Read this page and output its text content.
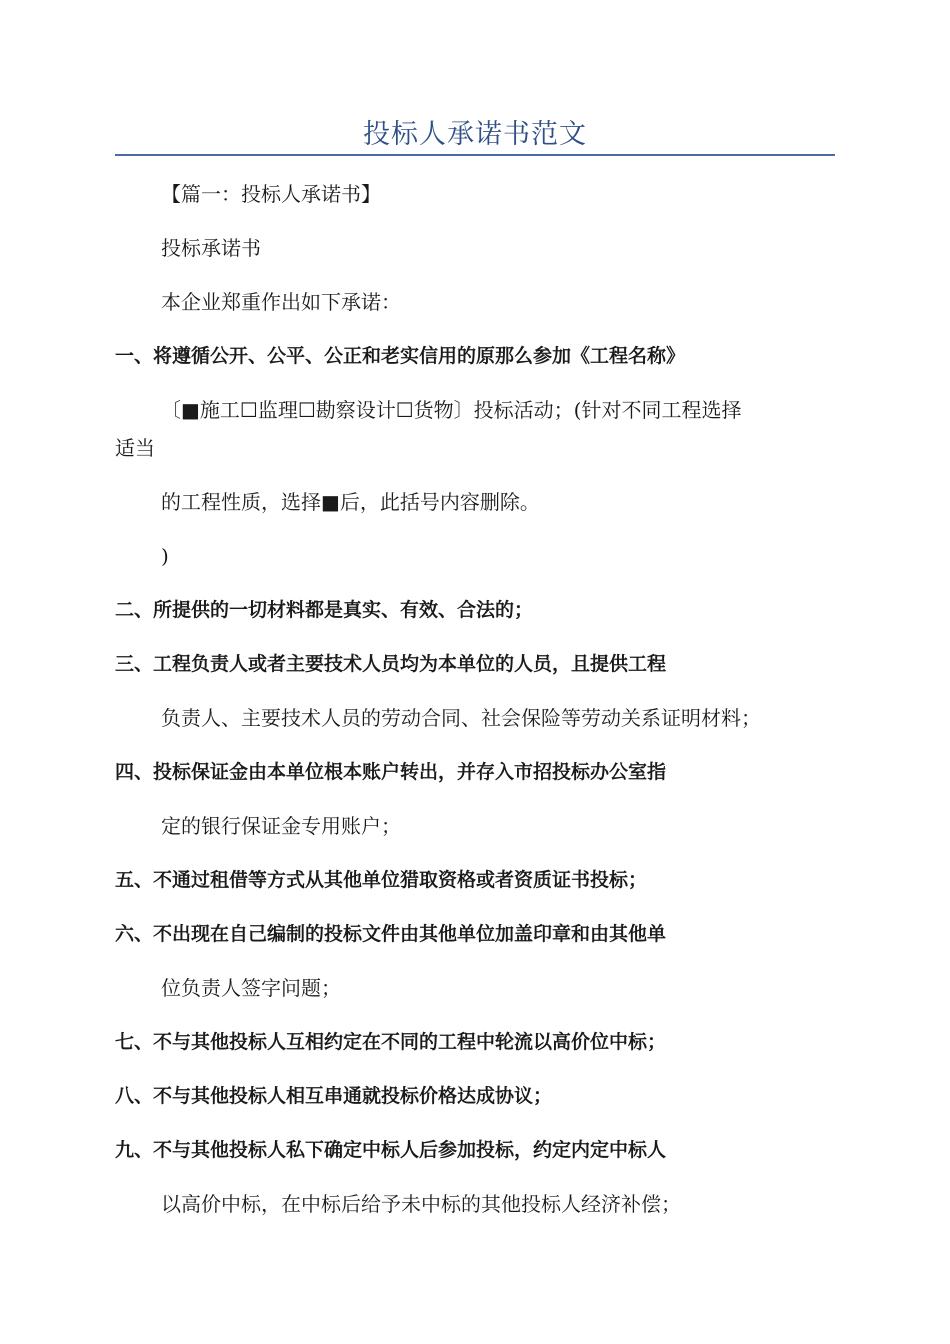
投标人承诺书范文
【篇一：投标人承诺书】
投标承诺书
本企业郑重作出如下承诺：
一、将遵循公开、公平、公正和老实信用的原那么参加《工程名称》
〔■施工☐监理☐勘察设计☐货物〕投标活动；(针对不同工程选择
适当
的工程性质，选择■后，此括号内容删除。
)
二、所提供的一切材料都是真实、有效、合法的；
三、工程负责人或者主要技术人员均为本单位的人员，且提供工程
负责人、主要技术人员的劳动合同、社会保险等劳动关系证明材料；
四、投标保证金由本单位根本账户转出，并存入市招投标办公室指
定的银行保证金专用账户；
五、不通过租借等方式从其他单位猎取资格或者资质证书投标；
六、不出现在自己编制的投标文件由其他单位加盖印章和由其他单
位负责人签字问题；
七、不与其他投标人互相约定在不同的工程中轮流以高价位中标；
八、不与其他投标人相互串通就投标价格达成协议；
九、不与其他投标人私下确定中标人后参加投标，约定内定中标人
以高价中标，在中标后给予未中标的其他投标人经济补偿；
